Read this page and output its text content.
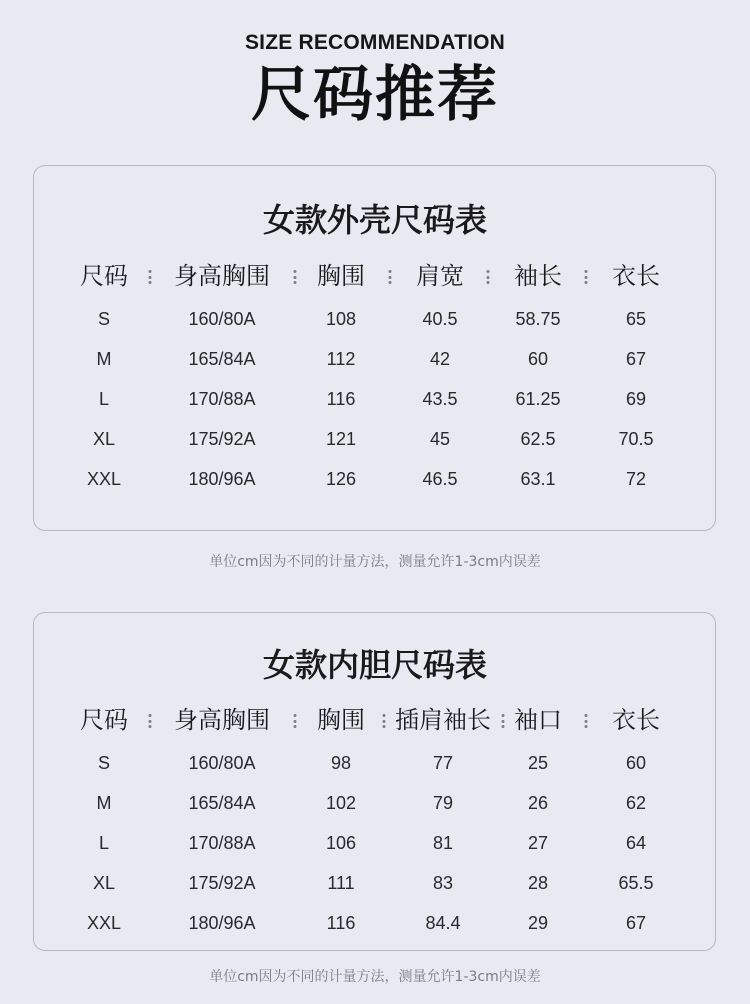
SIZE RECOMMENDATION
尺码推荐
女款外壳尺码表
尺码 身高胸围 胸围 肩宽 袖长 衣长
S	160/80A	108	40.5	58.75	65
M	165/84A	112	42	60	67
L	170/88A	116	43.5	61.25	69
XL	175/92A	121	45	62.5	70.5
XXL	180/96A	126	46.5	63.1	72
单位cm因为不同的计量方法，测量允许1-3cm内误差
女款内胆尺码表
尺码 身高胸围 胸围 插肩袖长 袖口 衣长
S	160/80A	98	77	25	60
M	165/84A	102	79	26	62
L	170/88A	106	81	27	64
XL	175/92A	111	83	28	65.5
XXL	180/96A	116	84.4	29	67
单位cm因为不同的计量方法，测量允许1-3cm内误差
